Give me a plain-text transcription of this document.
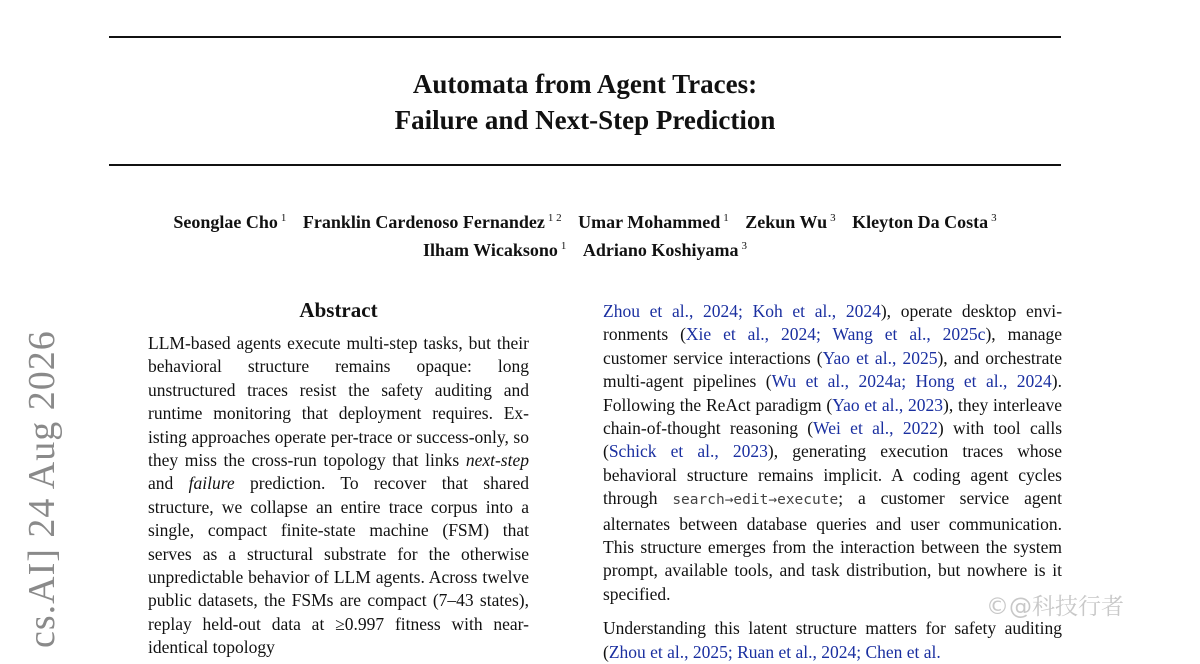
Automata from Agent Traces:
Failure and Next-Step Prediction
Seonglae Cho $^1$ Franklin Cardenoso Fernandez $^{1 2}$ Umar Mohammed $^1$ Zekun Wu $^3$ Kleyton Da Costa $^3$
Ilham Wicaksono $^1$ Adriano Koshiyama $^3$
cs.AI] 24 Aug 2026
Abstract
LLM-based agents execute multi-step tasks, but their behavioral structure remains opaque: long unstructured traces resist the safety auditing and runtime monitoring that deployment requires. Existing approaches operate per-trace or success-only, so they miss the cross-run topology that links next-step and failure prediction. To recover that shared structure, we collapse an entire trace corpus into a single, compact finite-state machine (FSM) that serves as a structural substrate for the otherwise unpredictable behavior of LLM agents. Across twelve public datasets, the FSMs are compact (7–43 states), replay held-out data at ≥0.997 fitness with near-identical topology

Zhou et al., 2024; Koh et al., 2024), operate desktop environments (Xie et al., 2024; Wang et al., 2025c), manage customer service interactions (Yao et al., 2025), and orchestrate multi-agent pipelines (Wu et al., 2024a; Hong et al., 2024). Following the ReAct paradigm (Yao et al., 2023), they interleave chain-of-thought reasoning (Wei et al., 2022) with tool calls (Schick et al., 2023), generating execution traces whose behavioral structure remains implicit. A coding agent cycles through search→edit→execute; a customer service agent alternates between database queries and user communication. This structure emerges from the interaction between the system prompt, available tools, and task distribution, but nowhere is it specified.

Understanding this latent structure matters for safety auditing (Zhou et al., 2025; Ruan et al., 2024; Chen et al.

©@科技行者
